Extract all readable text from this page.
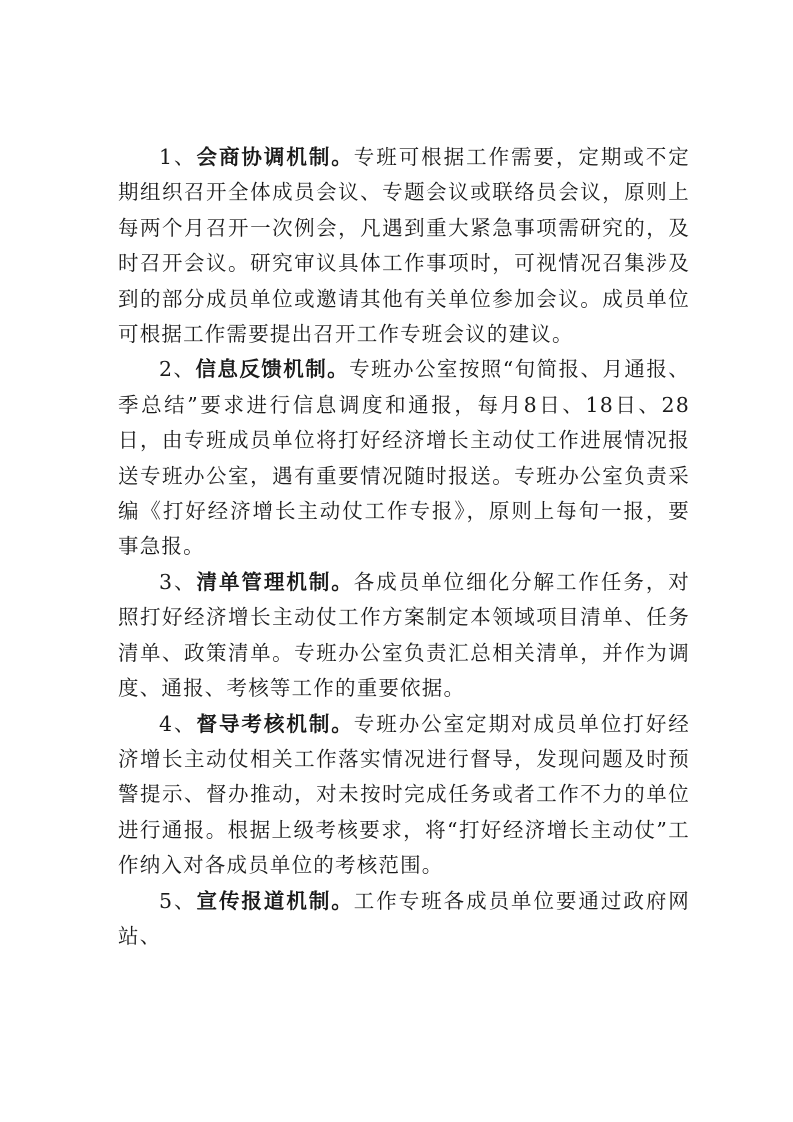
1、会商协调机制。专班可根据工作需要，定期或不定期组织召开全体成员会议、专题会议或联络员会议，原则上每两个月召开一次例会，凡遇到重大紧急事项需研究的，及时召开会议。研究审议具体工作事项时，可视情况召集涉及到的部分成员单位或邀请其他有关单位参加会议。成员单位可根据工作需要提出召开工作专班会议的建议。

2、信息反馈机制。专班办公室按照“旬简报、月通报、季总结”要求进行信息调度和通报，每月8日、18日、28日，由专班成员单位将打好经济增长主动仗工作进展情况报送专班办公室，遇有重要情况随时报送。专班办公室负责采编《打好经济增长主动仗工作专报》，原则上每旬一报，要事急报。

3、清单管理机制。各成员单位细化分解工作任务，对照打好经济增长主动仗工作方案制定本领域项目清单、任务清单、政策清单。专班办公室负责汇总相关清单，并作为调度、通报、考核等工作的重要依据。

4、督导考核机制。专班办公室定期对成员单位打好经济增长主动仗相关工作落实情况进行督导，发现问题及时预警提示、督办推动，对未按时完成任务或者工作不力的单位进行通报。根据上级考核要求，将“打好经济增长主动仗”工作纳入对各成员单位的考核范围。

5、宣传报道机制。工作专班各成员单位要通过政府网站、
